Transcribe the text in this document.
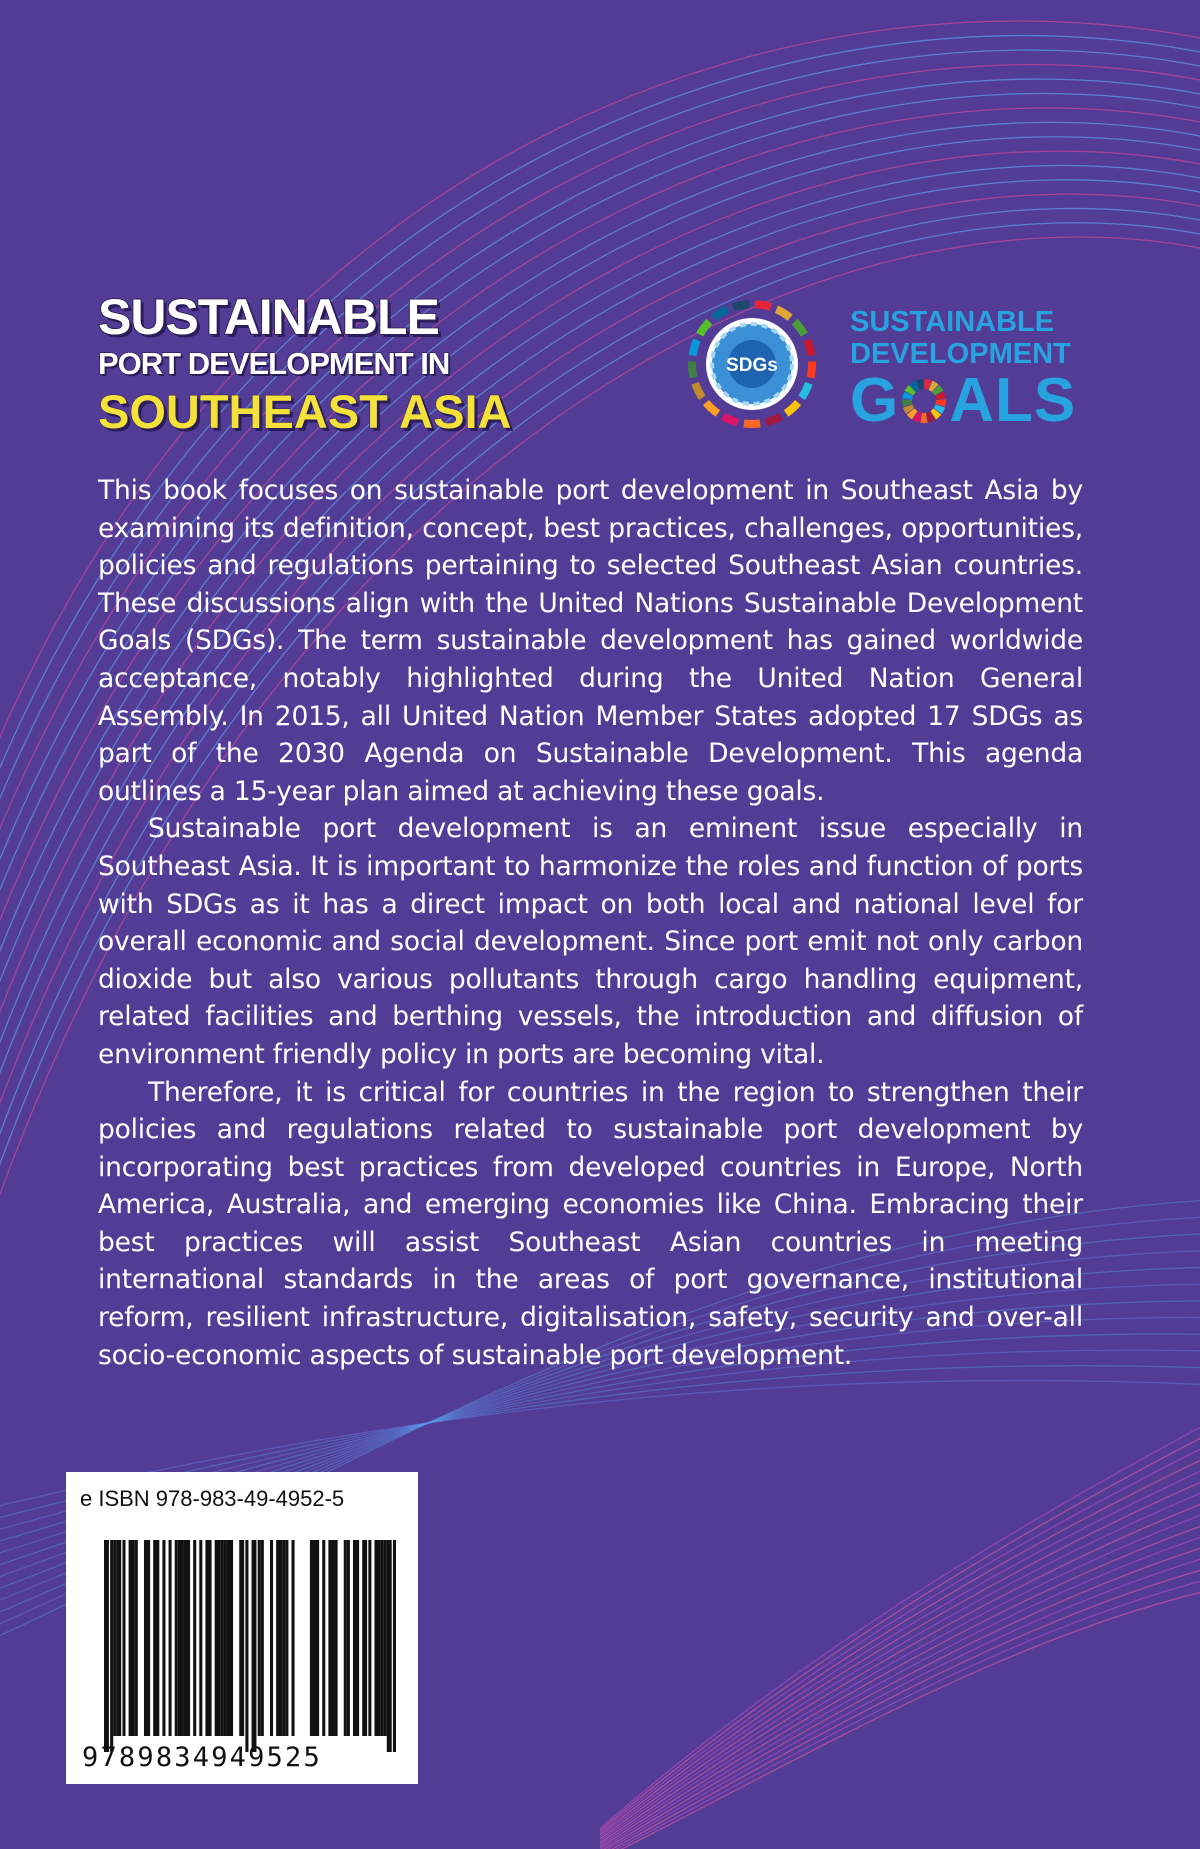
SUSTAINABLE
PORT DEVELOPMENT IN
SOUTHEAST ASIA
SDGs
SUSTAINABLE
DEVELOPMENT
G ALS

This book focuses on sustainable port development in Southeast Asia by examining its definition, concept, best practices, challenges, opportunities, policies and regulations pertaining to selected Southeast Asian countries. These discussions align with the United Nations Sustainable Development Goals (SDGs). The term sustainable development has gained worldwide acceptance, notably highlighted during the United Nation General Assembly. In 2015, all United Nation Member States adopted 17 SDGs as part of the 2030 Agenda on Sustainable Development. This agenda outlines a 15-year plan aimed at achieving these goals.

Sustainable port development is an eminent issue especially in Southeast Asia. It is important to harmonize the roles and function of ports with SDGs as it has a direct impact on both local and national level for overall economic and social development. Since port emit not only carbon dioxide but also various pollutants through cargo handling equipment, related facilities and berthing vessels, the introduction and diffusion of environment friendly policy in ports are becoming vital.

Therefore, it is critical for countries in the region to strengthen their policies and regulations related to sustainable port development by incorporating best practices from developed countries in Europe, North America, Australia, and emerging economies like China. Embracing their best practices will assist Southeast Asian countries in meeting international standards in the areas of port governance, institutional reform, resilient infrastructure, digitalisation, safety, security and over-all socio-economic aspects of sustainable port development.

e ISBN 978-983-49-4952-5
9789834949525
